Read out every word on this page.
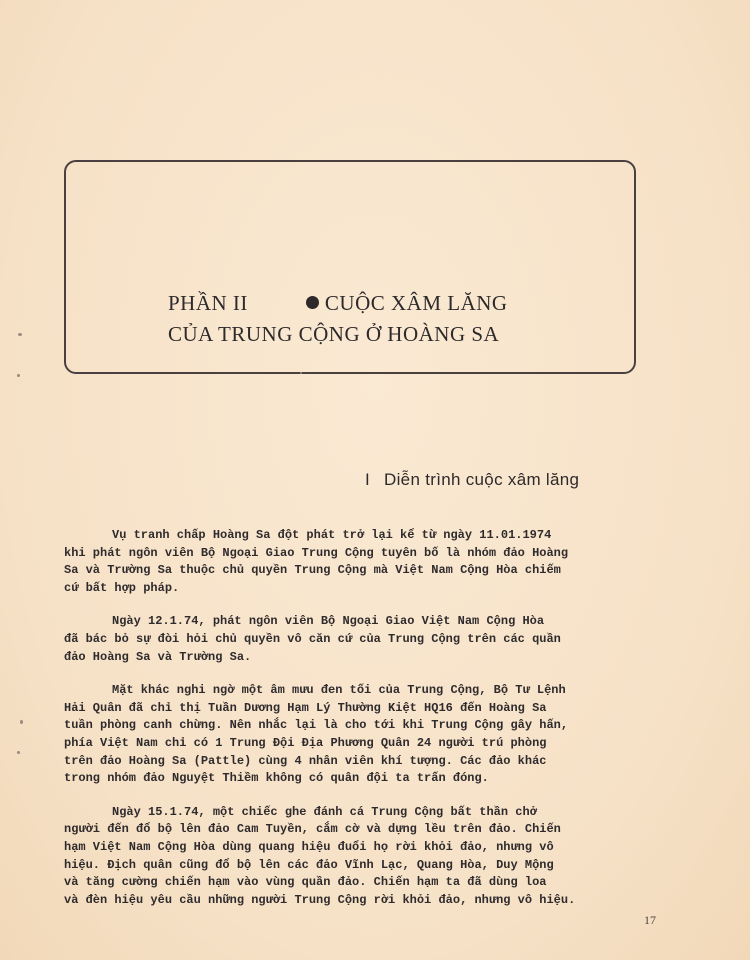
PHẦN II	CUỘC XÂM LĂNG
CỦA TRUNG CỘNG Ở HOÀNG SA
I Diễn trình cuộc xâm lăng
Vụ tranh chấp Hoàng Sa đột phát trở lại kể từ ngày 11.01.1974
khi phát ngôn viên Bộ Ngoại Giao Trung Cộng tuyên bố là nhóm đảo Hoàng
Sa và Trường Sa thuộc chủ quyền Trung Cộng mà Việt Nam Cộng Hòa chiếm
cứ bất hợp pháp.
Ngày 12.1.74, phát ngôn viên Bộ Ngoại Giao Việt Nam Cộng Hòa
đã bác bỏ sự đòi hỏi chủ quyền vô căn cứ của Trung Cộng trên các quần
đảo Hoàng Sa và Trường Sa.
Mặt khác nghi ngờ một âm mưu đen tối của Trung Cộng, Bộ Tư Lệnh
Hải Quân đã chỉ thị Tuần Dương Hạm Lý Thường Kiệt HQ16 đến Hoàng Sa
tuần phòng canh chừng. Nên nhắc lại là cho tới khi Trung Cộng gây hấn,
phía Việt Nam chỉ có 1 Trung Đội Địa Phương Quân 24 người trú phòng
trên đảo Hoàng Sa (Pattle) cùng 4 nhân viên khí tượng. Các đảo khác
trong nhóm đảo Nguyệt Thiềm không có quân đội ta trấn đóng.
Ngày 15.1.74, một chiếc ghe đánh cá Trung Cộng bất thần chở
người đến đổ bộ lên đảo Cam Tuyền, cắm cờ và dựng lều trên đảo. Chiến
hạm Việt Nam Cộng Hòa dùng quang hiệu đuổi họ rời khỏi đảo, nhưng vô
hiệu. Địch quân cũng đổ bộ lên các đảo Vĩnh Lạc, Quang Hòa, Duy Mộng
và tăng cường chiến hạm vào vùng quần đảo. Chiến hạm ta đã dùng loa
và đèn hiệu yêu cầu những người Trung Cộng rời khỏi đảo, nhưng vô hiệu.
17
